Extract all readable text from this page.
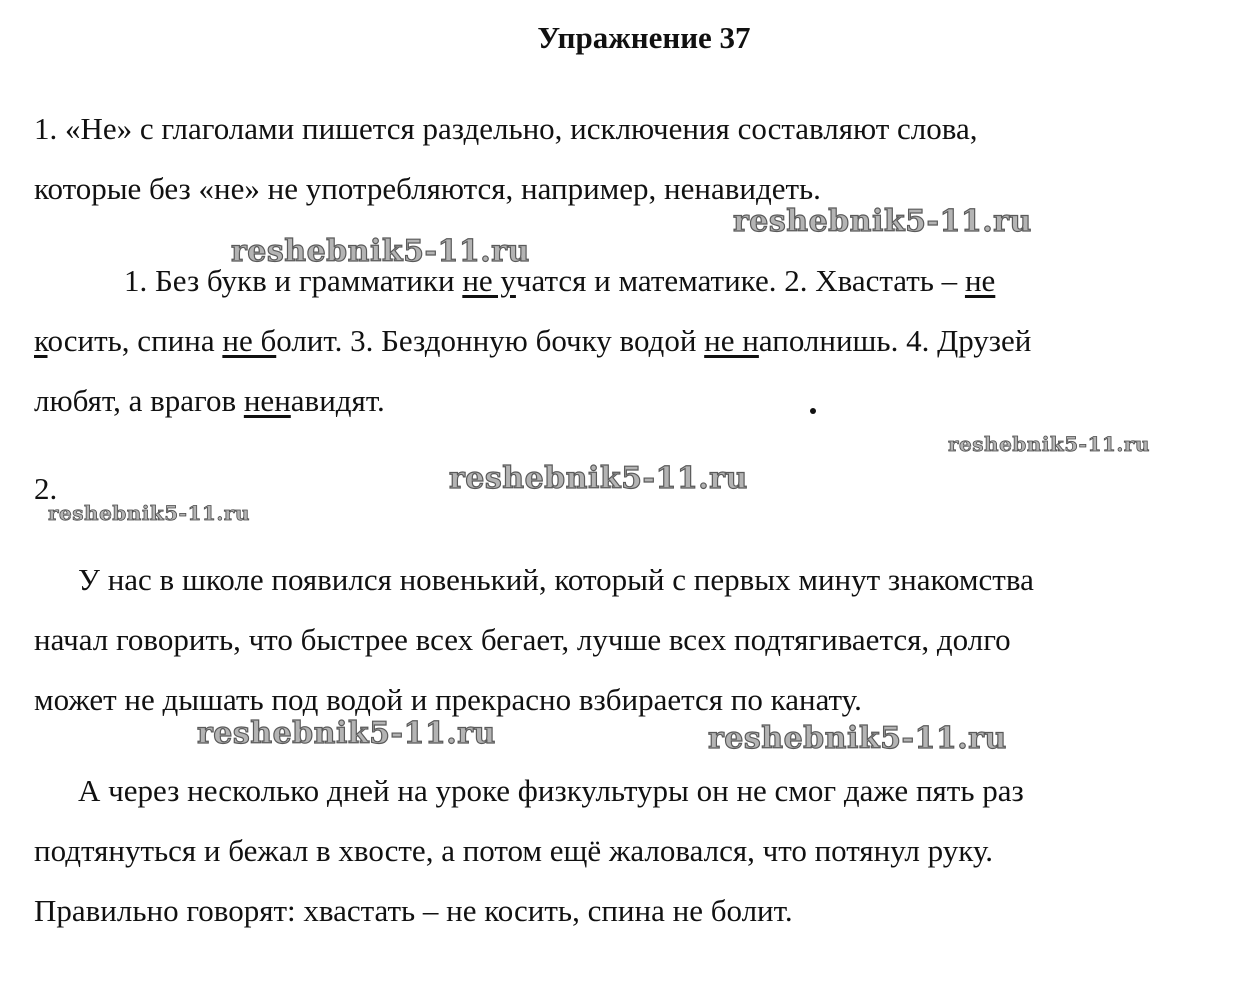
Упражнение 37
1. «Не» с глаголами пишется раздельно, исключения составляют слова,
которые без «не» не употребляются, например, ненавидеть.
1. Без букв и грамматики не учатся и математике. 2. Хвастать – не
косить, спина не болит. 3. Бездонную бочку водой не наполнишь. 4. Друзей
любят, а врагов ненавидят.
2.
У нас в школе появился новенький, который с первых минут знакомства
начал говорить, что быстрее всех бегает, лучше всех подтягивается, долго
может не дышать под водой и прекрасно взбирается по канату.
А через несколько дней на уроке физкультуры он не смог даже пять раз
подтянуться и бежал в хвосте, а потом ещё жаловался, что потянул руку.
Правильно говорят: хвастать – не косить, спина не болит.
reshebnik5-11.ru
reshebnik5-11.ru
reshebnik5-11.ru
reshebnik5-11.ru
reshebnik5-11.ru
reshebnik5-11.ru	reshebnik5-11.ru
